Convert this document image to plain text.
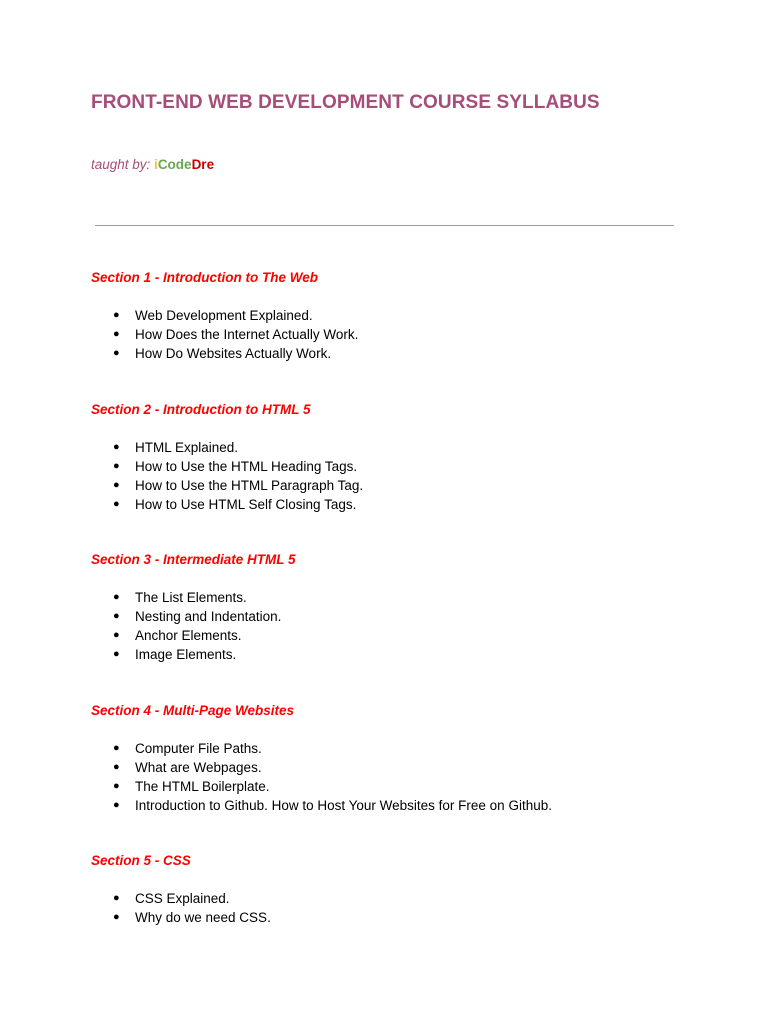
FRONT-END WEB DEVELOPMENT COURSE SYLLABUS
taught by: iCodeDre
Section 1 - Introduction to The Web
● Web Development Explained.
● How Does the Internet Actually Work.
● How Do Websites Actually Work.
Section 2 - Introduction to HTML 5
● HTML Explained.
● How to Use the HTML Heading Tags.
● How to Use the HTML Paragraph Tag.
● How to Use HTML Self Closing Tags.
Section 3 - Intermediate HTML 5
● The List Elements.
● Nesting and Indentation.
● Anchor Elements.
● Image Elements.
Section 4 - Multi-Page Websites
● Computer File Paths.
● What are Webpages.
● The HTML Boilerplate.
● Introduction to Github. How to Host Your Websites for Free on Github.
Section 5 - CSS
● CSS Explained.
● Why do we need CSS.
